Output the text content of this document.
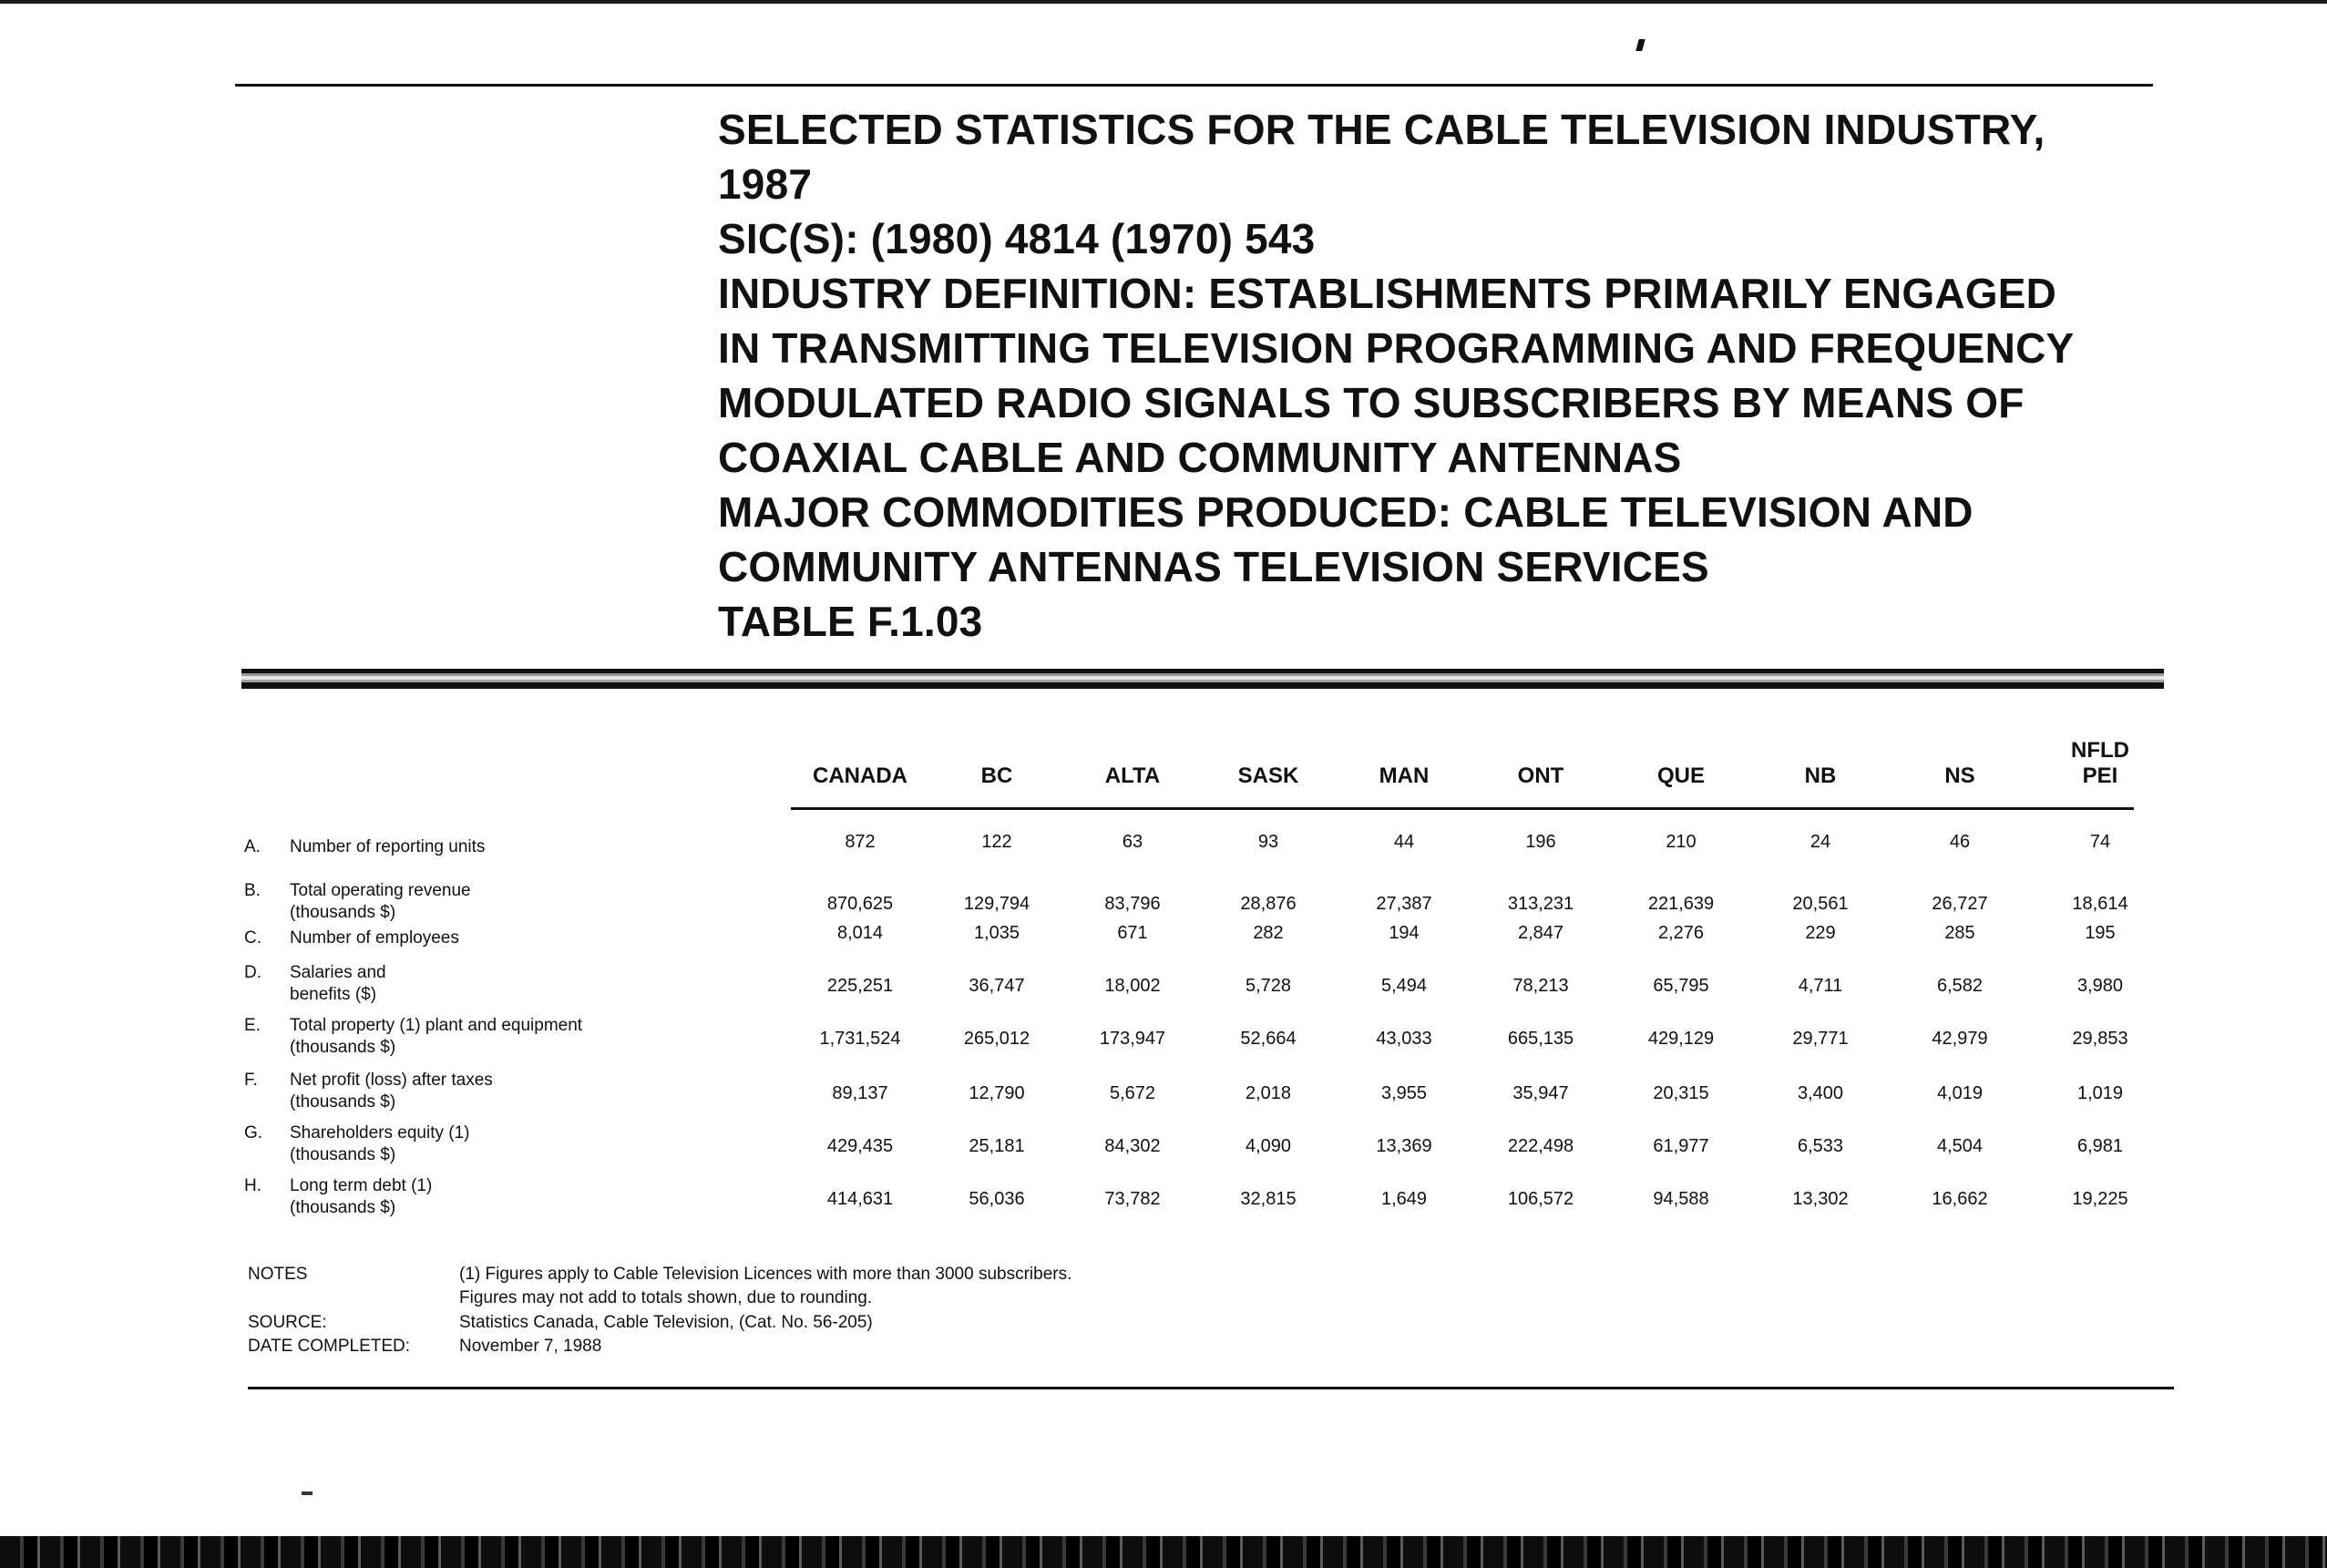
SELECTED STATISTICS FOR THE CABLE TELEVISION INDUSTRY,
1987
SIC(S): (1980) 4814 (1970) 543
INDUSTRY DEFINITION: ESTABLISHMENTS PRIMARILY ENGAGED
IN TRANSMITTING TELEVISION PROGRAMMING AND FREQUENCY
MODULATED RADIO SIGNALS TO SUBSCRIBERS BY MEANS OF
COAXIAL CABLE AND COMMUNITY ANTENNAS
MAJOR COMMODITIES PRODUCED: CABLE TELEVISION AND
COMMUNITY ANTENNAS TELEVISION SERVICES
TABLE F.1.03
CANADA	BC	ALTA	SASK	MAN	ONT	QUE	NB	NS
NFLD
PEI
A. Number of reporting units	872	122	63	93	44	196	210	24	46	74
B. Total operating revenue
(thousands $)	870,625	129,794	83,796	28,876	27,387	313,231	221,639	20,561	26,727	18,614
C. Number of employees	8,014	1,035	671	282	194	2,847	2,276	229	285	195
D. Salaries and
benefits ($)	225,251	36,747	18,002	5,728	5,494	78,213	65,795	4,711	6,582	3,980
E. Total property (1) plant and equipment
(thousands $)	1,731,524	265,012	173,947	52,664	43,033	665,135	429,129	29,771	42,979	29,853
F. Net profit (loss) after taxes
(thousands $)	89,137	12,790	5,672	2,018	3,955	35,947	20,315	3,400	4,019	1,019
G. Shareholders equity (1)
(thousands $)	429,435	25,181	84,302	4,090	13,369	222,498	61,977	6,533	4,504	6,981
H. Long term debt (1)
(thousands $)	414,631	56,036	73,782	32,815	1,649	106,572	94,588	13,302	16,662	19,225
NOTES	(1) Figures apply to Cable Television Licences with more than 3000 subscribers.
Figures may not add to totals shown, due to rounding.
SOURCE:	Statistics Canada, Cable Television, (Cat. No. 56-205)
DATE COMPLETED:	November 7, 1988
